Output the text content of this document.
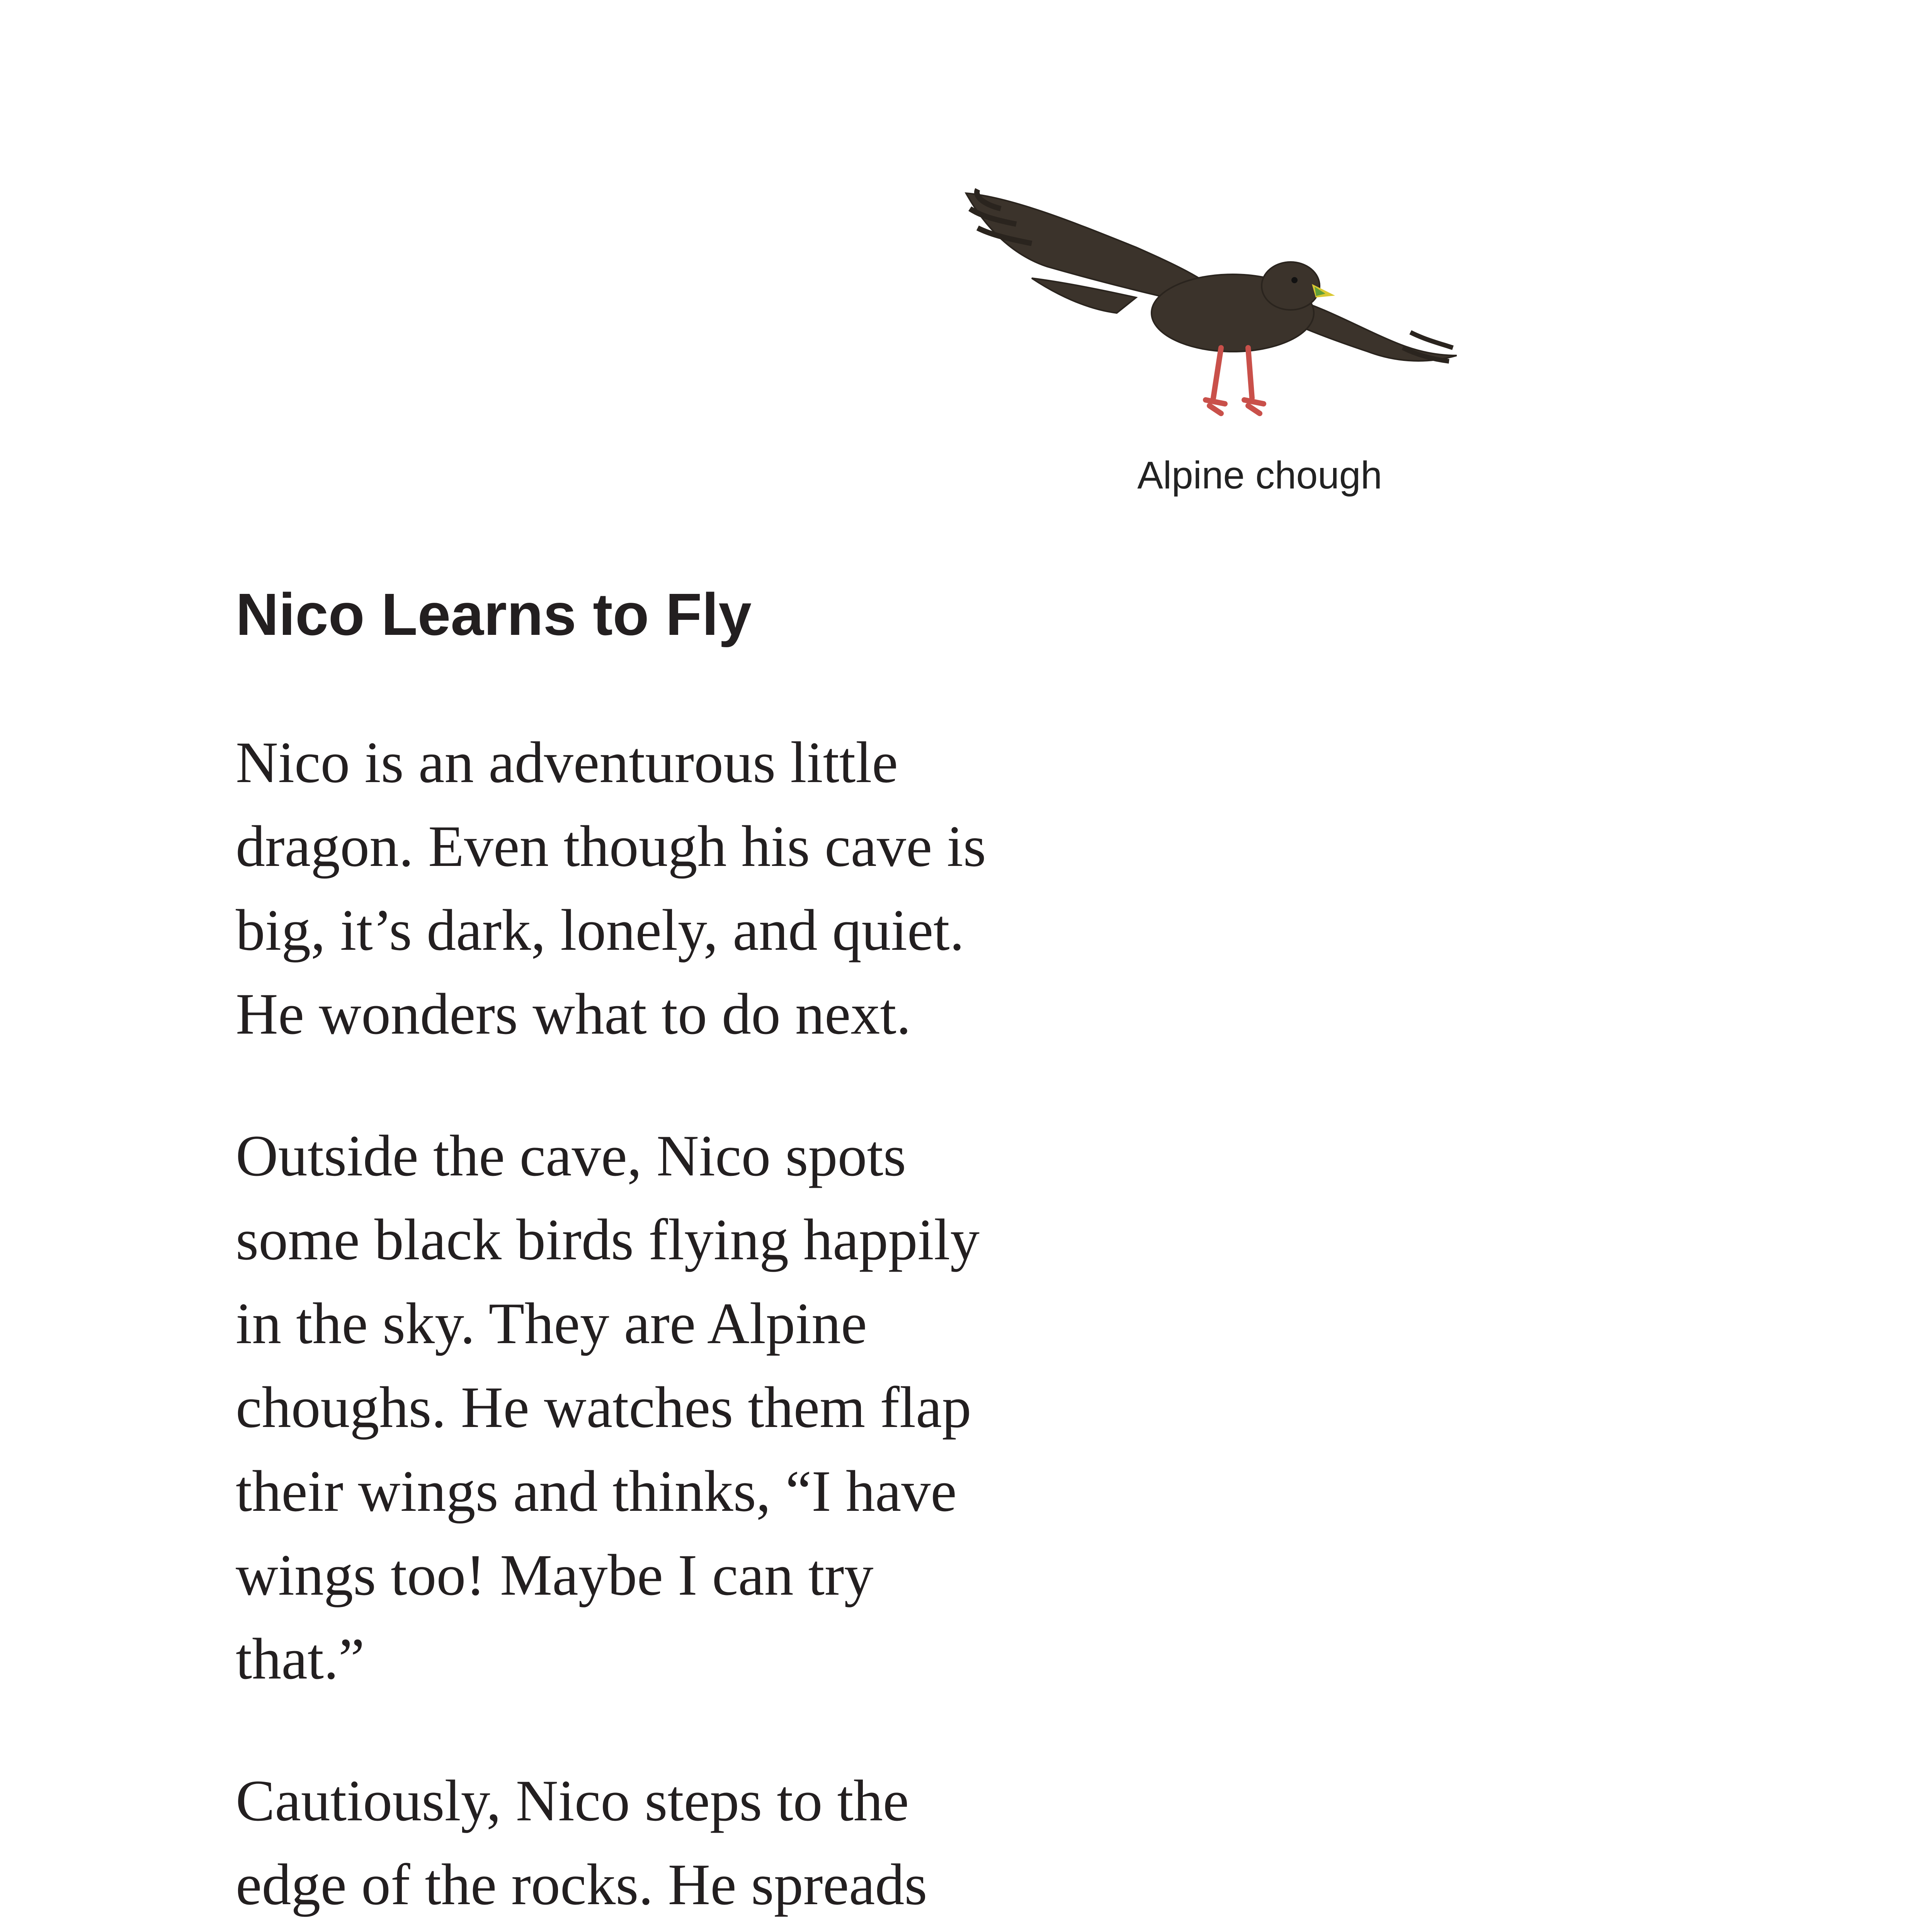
Alpine chough
Nico Learns to Fly

Nico is an adventurous little
dragon. Even though his cave is
big, it’s dark, lonely, and quiet.
He wonders what to do next.

Outside the cave, Nico spots
some black birds flying happily
in the sky. They are Alpine
choughs. He watches them flap
their wings and thinks, “I have
wings too! Maybe I can try
that.”

Cautiously, Nico steps to the
edge of the rocks. He spreads
